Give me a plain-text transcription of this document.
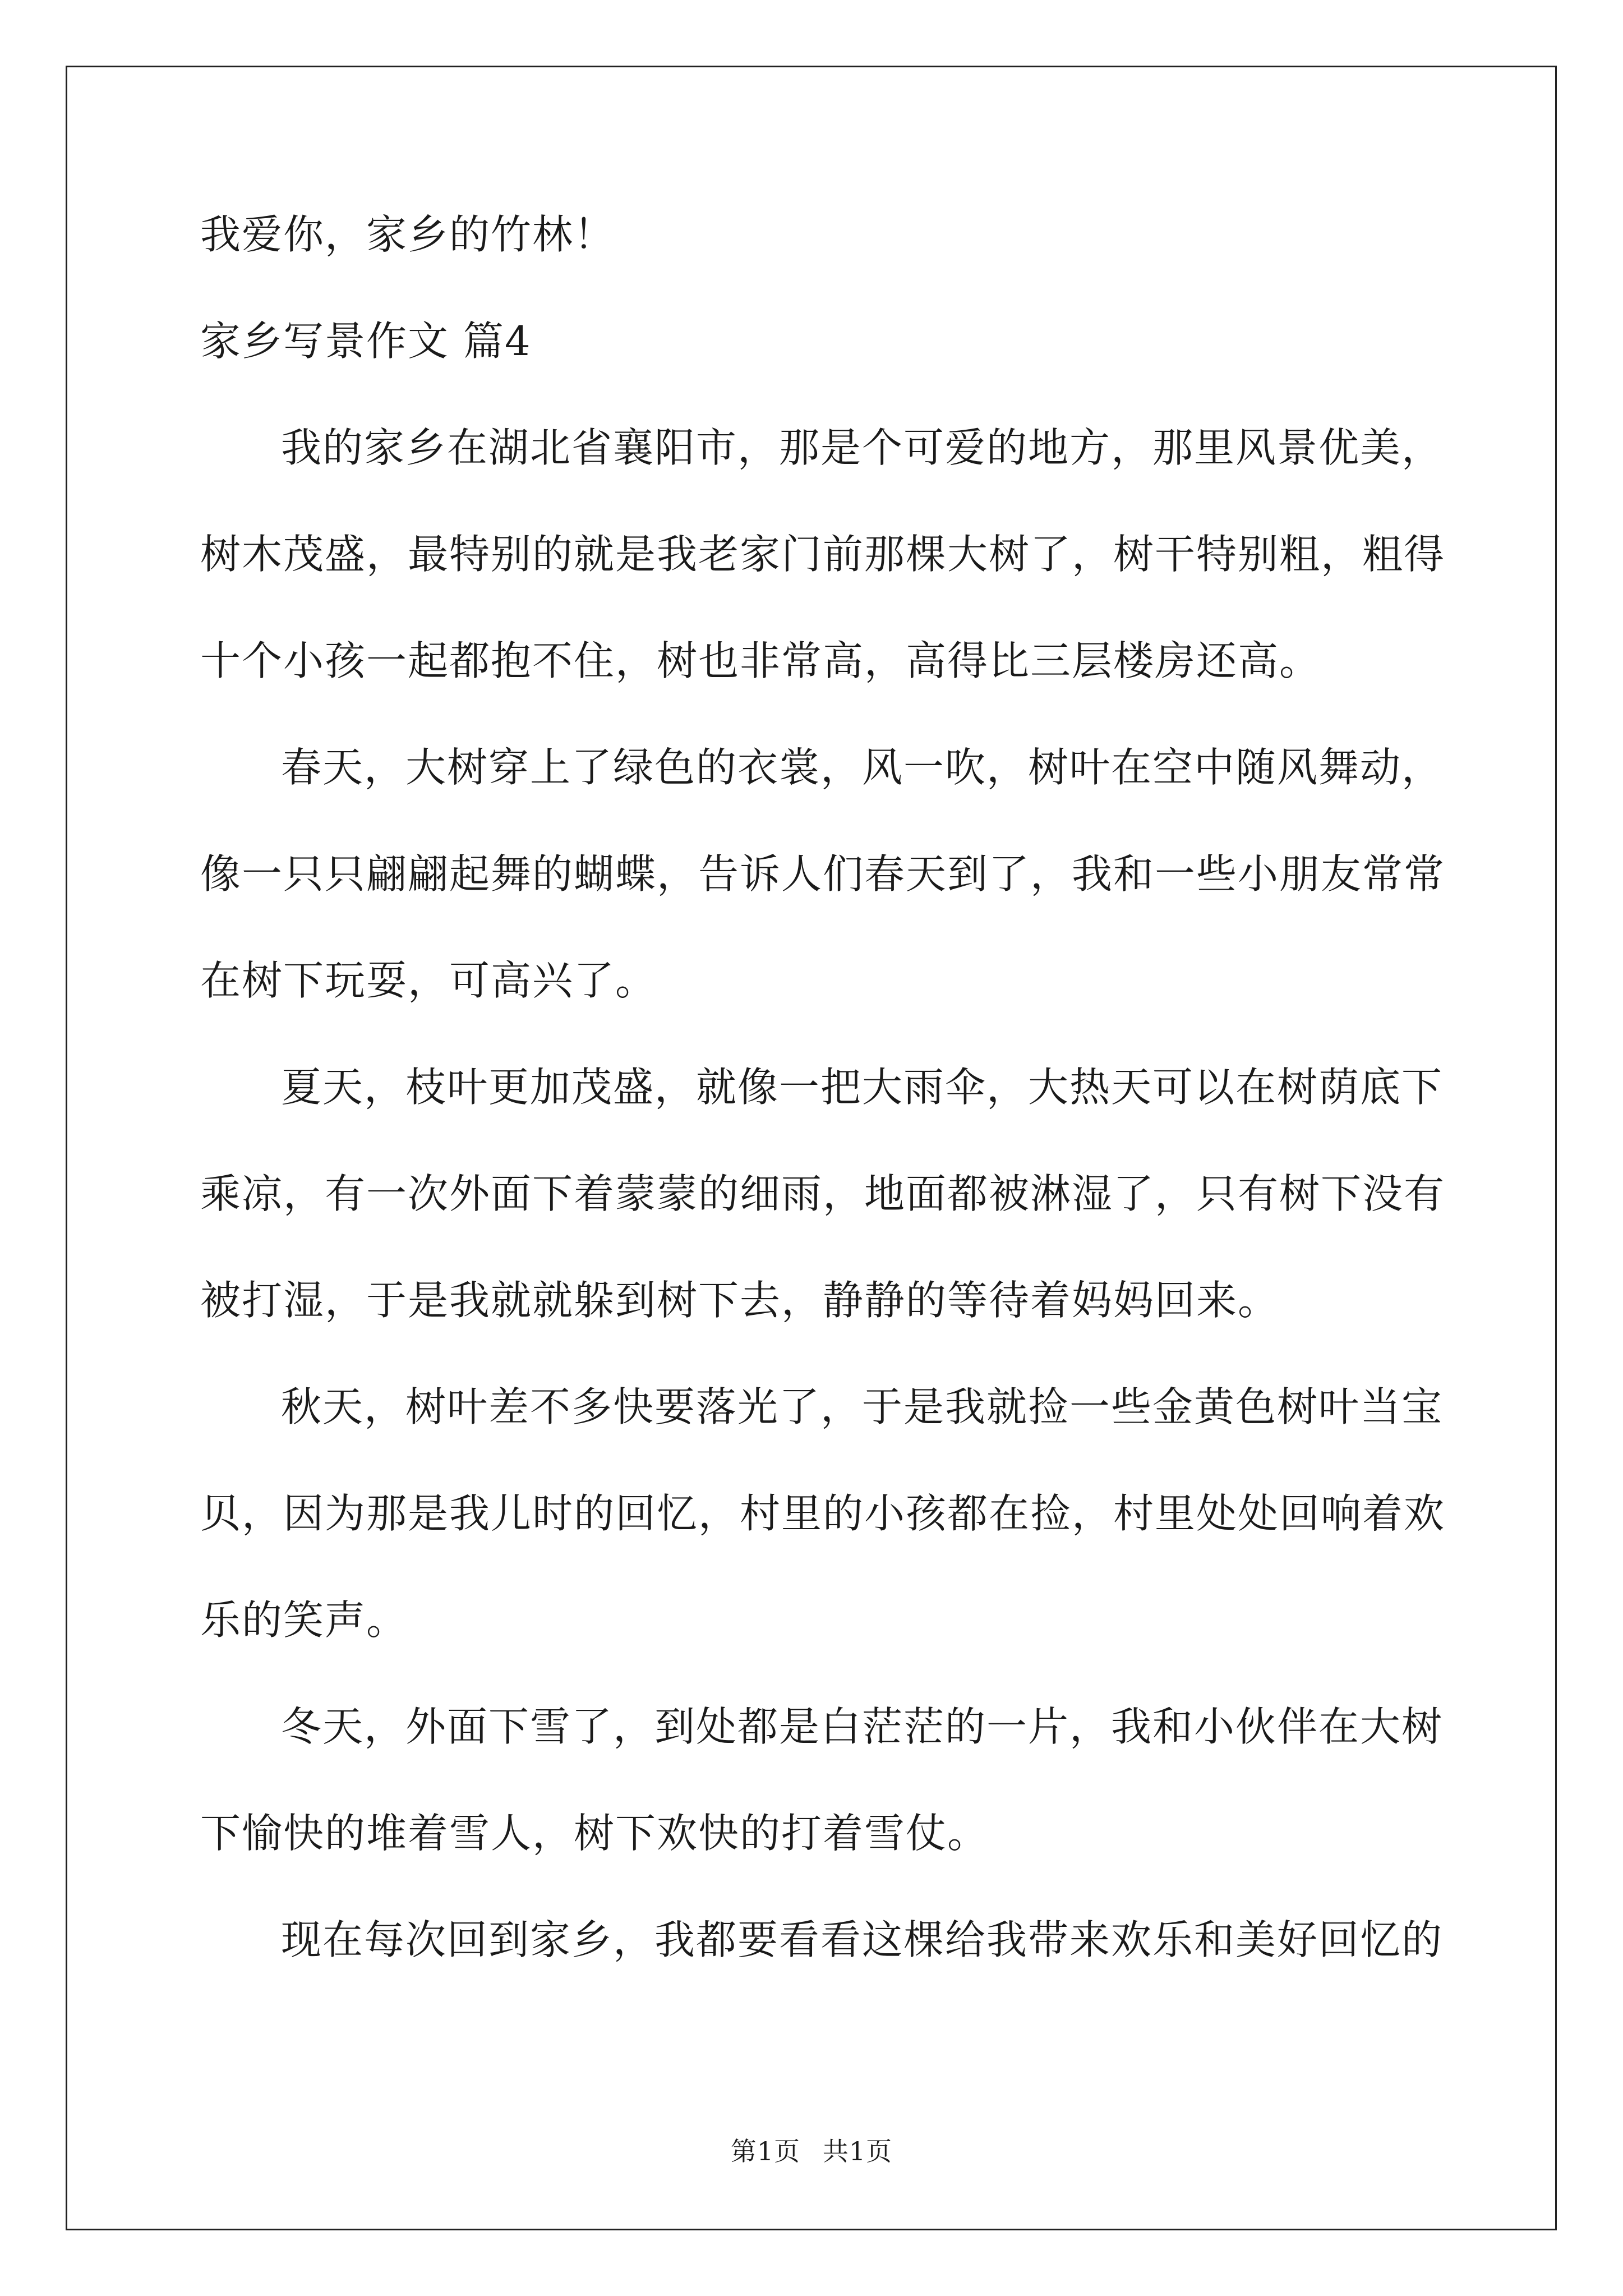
我爱你，家乡的竹林！
家乡写景作文 篇4
我的家乡在湖北省襄阳市，那是个可爱的地方，那里风景优美，
树木茂盛，最特别的就是我老家门前那棵大树了，树干特别粗，粗得
十个小孩一起都抱不住，树也非常高，高得比三层楼房还高。
春天，大树穿上了绿色的衣裳，风一吹，树叶在空中随风舞动，
像一只只翩翩起舞的蝴蝶，告诉人们春天到了，我和一些小朋友常常
在树下玩耍，可高兴了。
夏天，枝叶更加茂盛，就像一把大雨伞，大热天可以在树荫底下
乘凉，有一次外面下着蒙蒙的细雨，地面都被淋湿了，只有树下没有
被打湿，于是我就就躲到树下去，静静的等待着妈妈回来。
秋天，树叶差不多快要落光了，于是我就捡一些金黄色树叶当宝
贝，因为那是我儿时的回忆，村里的小孩都在捡，村里处处回响着欢
乐的笑声。
冬天，外面下雪了，到处都是白茫茫的一片，我和小伙伴在大树
下愉快的堆着雪人，树下欢快的打着雪仗。
现在每次回到家乡，我都要看看这棵给我带来欢乐和美好回忆的
第1页 共1页
